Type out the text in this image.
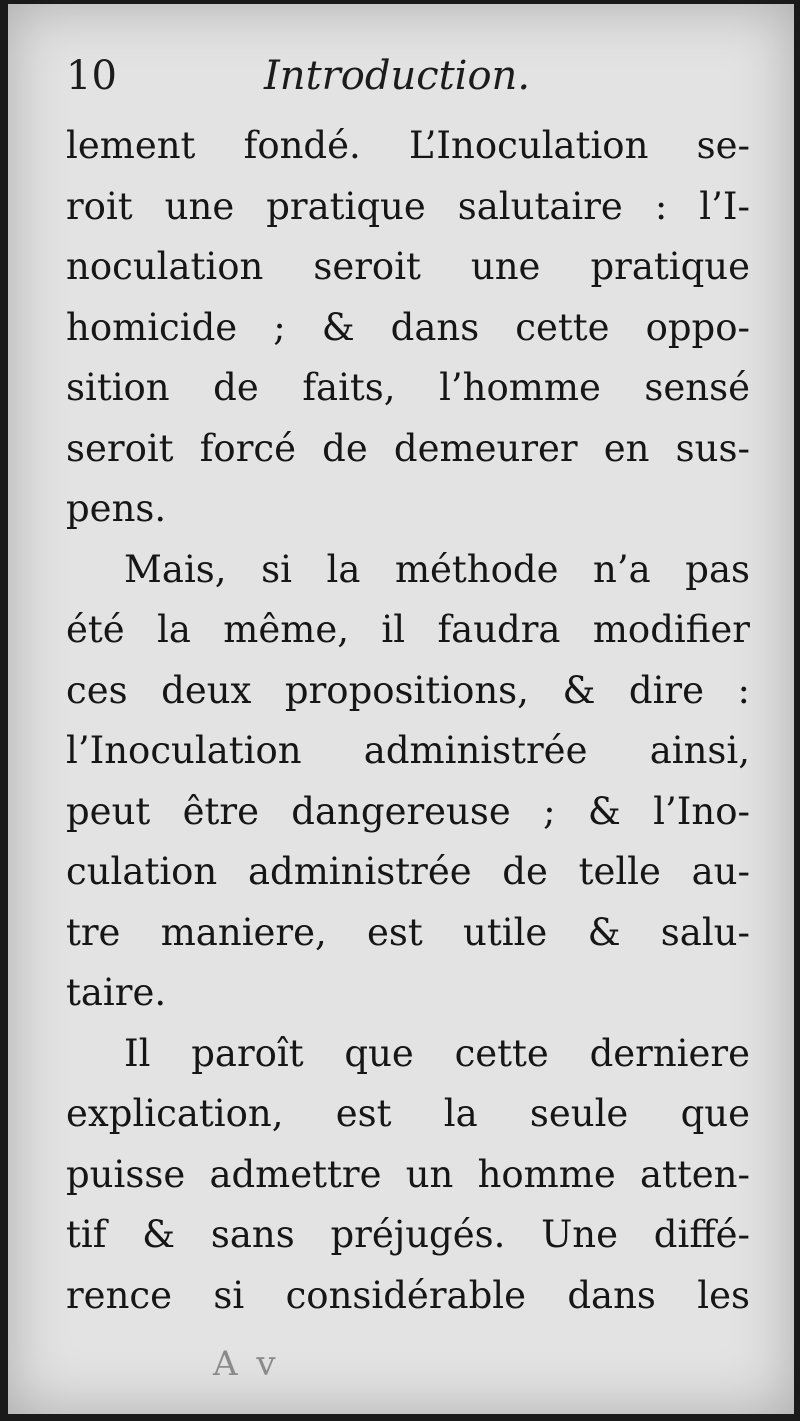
10	Introduction.
lement fondé. L’Inoculation se-
roit une pratique salutaire : l’I-
noculation seroit une pratique
homicide ; & dans cette oppo-
sition de faits, l’homme sensé
seroit forcé de demeurer en sus-
pens.
Mais, si la méthode n’a pas
été la même, il faudra modifier
ces deux propositions, & dire :
l’Inoculation administrée ainsi,
peut être dangereuse ; & l’Ino-
culation administrée de telle au-
tre maniere, est utile & salu-
taire.
Il paroît que cette derniere
explication, est la seule que
puisse admettre un homme atten-
tif & sans préjugés. Une diffé-
rence si considérable dans les
A v
